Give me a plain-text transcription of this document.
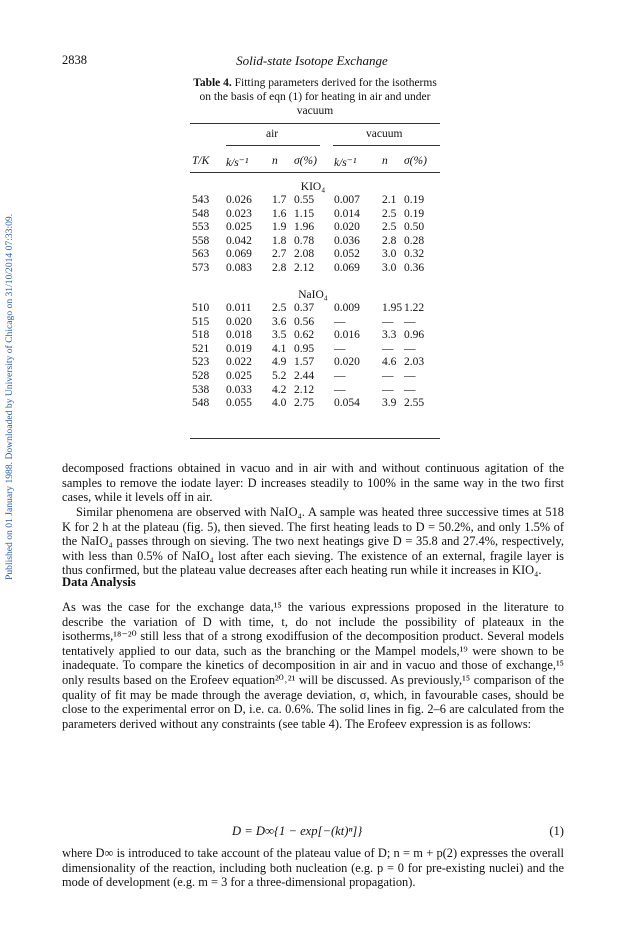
Published on 01 January 1988. Downloaded by University of Chicago on 31/10/2014 07:33:09.
2838	Solid-state Isotope Exchange
Table 4. Fitting parameters derived for the isotherms on the basis of eqn (1) for heating in air and under vacuum
air	vacuum
T/K k/s⁻¹ n σ(%) k/s⁻¹ n σ(%)
KIO₄
543 0.026 1.7 0.55 0.007 2.1 0.19
548 0.023 1.6 1.15 0.014 2.5 0.19
553 0.025 1.9 1.96 0.020 2.5 0.50
558 0.042 1.8 0.78 0.036 2.8 0.28
563 0.069 2.7 2.08 0.052 3.0 0.32
573 0.083 2.8 2.12 0.069 3.0 0.36
NaIO₄
510 0.011 2.5 0.37 0.009 1.95 1.22
515 0.020 3.6 0.56 —	— —
518 0.018 3.5 0.62 0.016 3.3 0.96
521 0.019 4.1 0.95 —	— —
523 0.022 4.9 1.57 0.020 4.6 2.03
528 0.025 5.2 2.44 —	— —
538 0.033 4.2 2.12 —	— —
548 0.055 4.0 2.75 0.054 3.9 2.55
decomposed fractions obtained in vacuo and in air with and without continuous agitation of the samples to remove the iodate layer: D increases steadily to 100% in the same way in the two first cases, while it levels off in air.
Similar phenomena are observed with NaIO₄. A sample was heated three successive times at 518 K for 2 h at the plateau (fig. 5), then sieved. The first heating leads to D = 50.2%, and only 1.5% of the NaIO₄ passes through on sieving. The two next heatings give D = 35.8 and 27.4%, respectively, with less than 0.5% of NaIO₄ lost after each sieving. The existence of an external, fragile layer is thus confirmed, but the plateau value decreases after each heating run while it increases in KIO₄.
Data Analysis
As was the case for the exchange data,¹⁵ the various expressions proposed in the literature to describe the variation of D with time, t, do not include the possibility of plateaux in the isotherms,¹⁸⁻²⁰ still less that of a strong exodiffusion of the decomposition product. Several models tentatively applied to our data, such as the branching or the Mampel models,¹⁹ were shown to be inadequate. To compare the kinetics of decomposition in air and in vacuo and those of exchange,¹⁵ only results based on the Erofeev equation²⁰˒²¹ will be discussed. As previously,¹⁵ comparison of the quality of fit may be made through the average deviation, σ, which, in favourable cases, should be close to the experimental error on D, i.e. ca. 0.6%. The solid lines in fig. 2–6 are calculated from the parameters derived without any constraints (see table 4). The Erofeev expression is as follows:
D = D∞{1 − exp[−(kt)ⁿ]}	(1)
where D∞ is introduced to take account of the plateau value of D; n = m + p(2) expresses the overall dimensionality of the reaction, including both nucleation (e.g. p = 0 for pre-existing nuclei) and the mode of development (e.g. m = 3 for a three-dimensional propagation).
